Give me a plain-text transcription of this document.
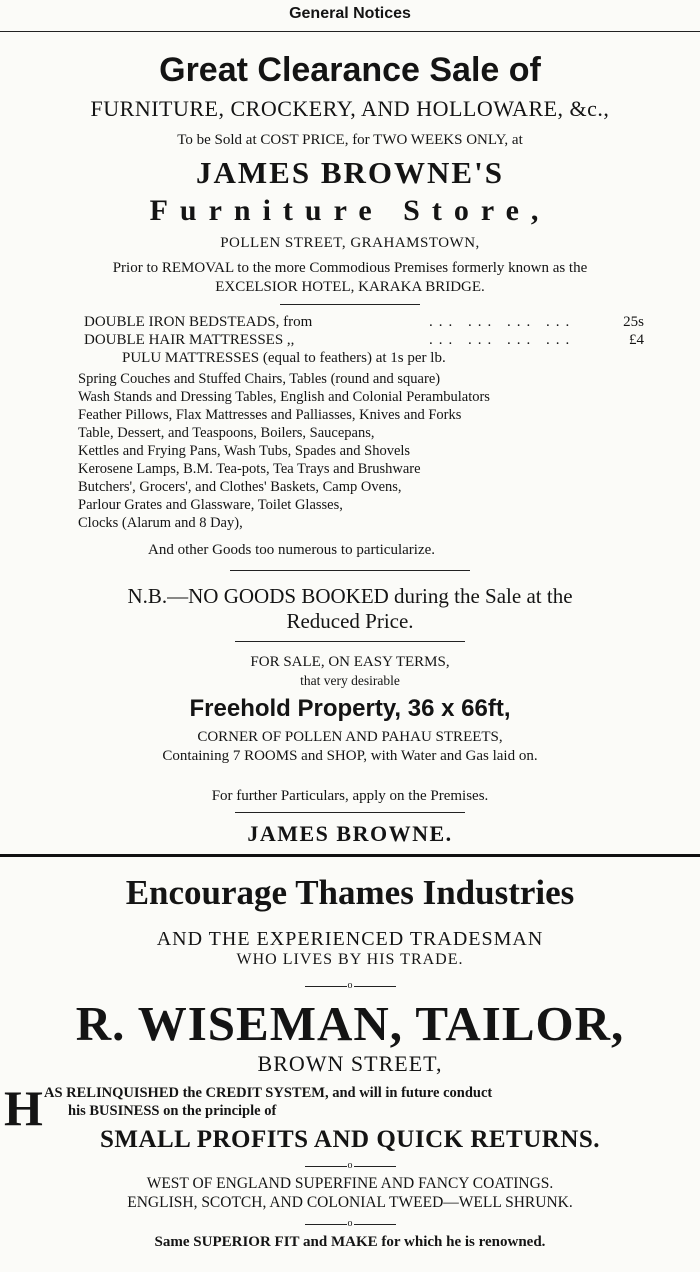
General Notices
Great Clearance Sale of
FURNITURE, CROCKERY, AND HOLLOWARE, &c.,
To be Sold at COST PRICE, for TWO WEEKS ONLY, at
JAMES BROWNE'S
Furniture Store,
POLLEN STREET, GRAHAMSTOWN,
Prior to REMOVAL to the more Commodious Premises formerly known as the
EXCELSIOR HOTEL, KARAKA BRIDGE.
DOUBLE IRON BEDSTEADS, from	... ... ... ...	25s
DOUBLE HAIR MATTRESSES ,,	... ... ... ...	£4
PULU MATTRESSES (equal to feathers) at 1s per lb.
Spring Couches and Stuffed Chairs, Tables (round and square)
Wash Stands and Dressing Tables, English and Colonial Perambulators
Feather Pillows, Flax Mattresses and Palliasses, Knives and Forks
Table, Dessert, and Teaspoons, Boilers, Saucepans,
Kettles and Frying Pans, Wash Tubs, Spades and Shovels
Kerosene Lamps, B.M. Tea-pots, Tea Trays and Brushware
Butchers', Grocers', and Clothes' Baskets, Camp Ovens,
Parlour Grates and Glassware, Toilet Glasses,
Clocks (Alarum and 8 Day),
And other Goods too numerous to particularize.
N.B.—NO GOODS BOOKED during the Sale at the
Reduced Price.
FOR SALE, ON EASY TERMS,
that very desirable
Freehold Property, 36 x 66ft,
CORNER OF POLLEN AND PAHAU STREETS,
Containing 7 ROOMS and SHOP, with Water and Gas laid on.
For further Particulars, apply on the Premises.
JAMES BROWNE.
Encourage Thames Industries
AND THE EXPERIENCED TRADESMAN
WHO LIVES BY HIS TRADE.
o
R. WISEMAN, TAILOR,
BROWN STREET,
H AS RELINQUISHED the CREDIT SYSTEM, and will in future conduct
his BUSINESS on the principle of
SMALL PROFITS AND QUICK RETURNS.
o
WEST OF ENGLAND SUPERFINE AND FANCY COATINGS.
ENGLISH, SCOTCH, AND COLONIAL TWEED—WELL SHRUNK.
o
Same SUPERIOR FIT and MAKE for which he is renowned.
